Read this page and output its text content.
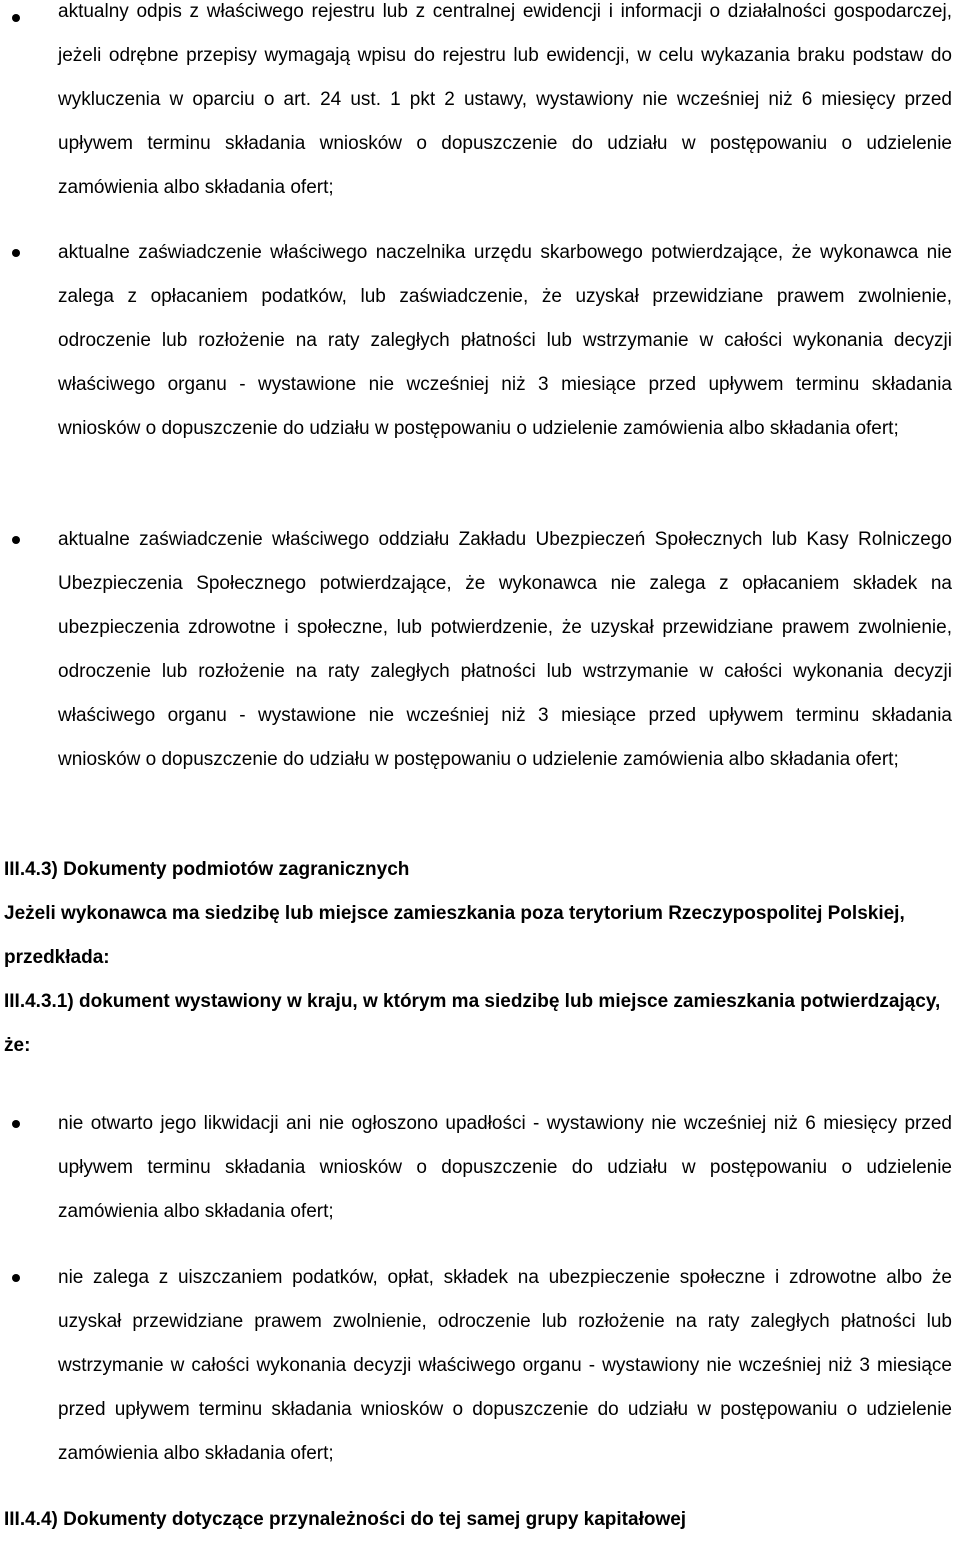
aktualny odpis z właściwego rejestru lub z centralnej ewidencji i informacji o działalności gospodarczej, jeżeli odrębne przepisy wymagają wpisu do rejestru lub ewidencji, w celu wykazania braku podstaw do wykluczenia w oparciu o art. 24 ust. 1 pkt 2 ustawy, wystawiony nie wcześniej niż 6 miesięcy przed upływem terminu składania wniosków o dopuszczenie do udziału w postępowaniu o udzielenie zamówienia albo składania ofert;

aktualne zaświadczenie właściwego naczelnika urzędu skarbowego potwierdzające, że wykonawca nie zalega z opłacaniem podatków, lub zaświadczenie, że uzyskał przewidziane prawem zwolnienie, odroczenie lub rozłożenie na raty zaległych płatności lub wstrzymanie w całości wykonania decyzji właściwego organu - wystawione nie wcześniej niż 3 miesiące przed upływem terminu składania wniosków o dopuszczenie do udziału w postępowaniu o udzielenie zamówienia albo składania ofert;

aktualne zaświadczenie właściwego oddziału Zakładu Ubezpieczeń Społecznych lub Kasy Rolniczego Ubezpieczenia Społecznego potwierdzające, że wykonawca nie zalega z opłacaniem składek na ubezpieczenia zdrowotne i społeczne, lub potwierdzenie, że uzyskał przewidziane prawem zwolnienie, odroczenie lub rozłożenie na raty zaległych płatności lub wstrzymanie w całości wykonania decyzji właściwego organu - wystawione nie wcześniej niż 3 miesiące przed upływem terminu składania wniosków o dopuszczenie do udziału w postępowaniu o udzielenie zamówienia albo składania ofert;

III.4.3) Dokumenty podmiotów zagranicznych

Jeżeli wykonawca ma siedzibę lub miejsce zamieszkania poza terytorium Rzeczypospolitej Polskiej, przedkłada:

III.4.3.1) dokument wystawiony w kraju, w którym ma siedzibę lub miejsce zamieszkania potwierdzający, że:

nie otwarto jego likwidacji ani nie ogłoszono upadłości - wystawiony nie wcześniej niż 6 miesięcy przed upływem terminu składania wniosków o dopuszczenie do udziału w postępowaniu o udzielenie zamówienia albo składania ofert;

nie zalega z uiszczaniem podatków, opłat, składek na ubezpieczenie społeczne i zdrowotne albo że uzyskał przewidziane prawem zwolnienie, odroczenie lub rozłożenie na raty zaległych płatności lub wstrzymanie w całości wykonania decyzji właściwego organu - wystawiony nie wcześniej niż 3 miesiące przed upływem terminu składania wniosków o dopuszczenie do udziału w postępowaniu o udzielenie zamówienia albo składania ofert;

III.4.4) Dokumenty dotyczące przynależności do tej samej grupy kapitałowej
